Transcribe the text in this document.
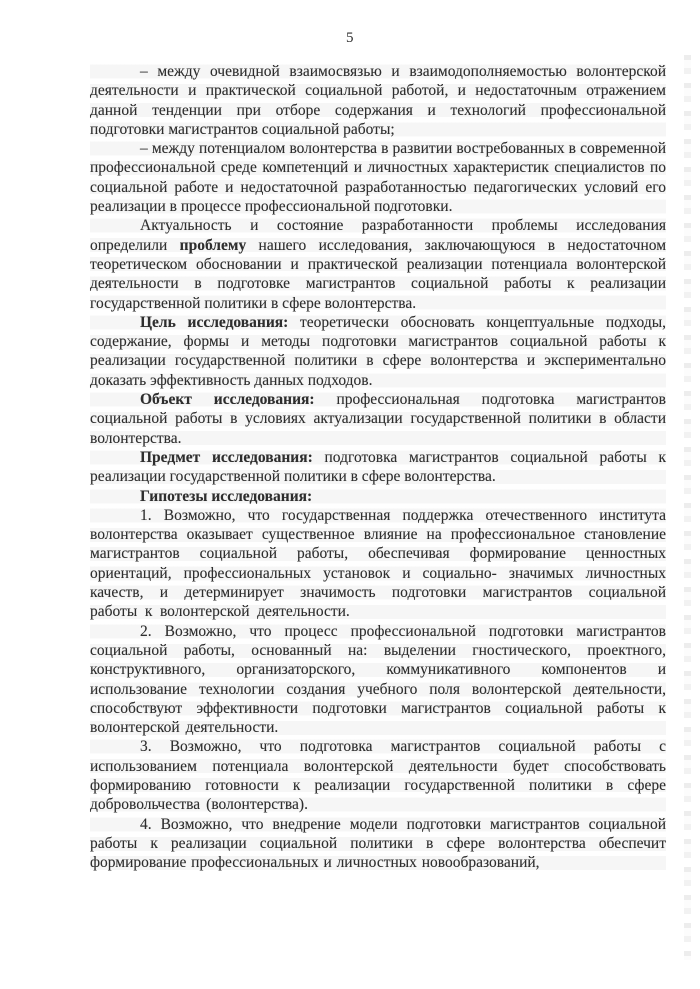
5

– между очевидной взаимосвязью и взаимодополняемостью волонтерской деятельности и практической социальной работой, и недостаточным отражением данной тенденции при отборе содержания и технологий профессиональной подготовки магистрантов социальной работы;

– между потенциалом волонтерства в развитии востребованных в современной профессиональной среде компетенций и личностных характеристик специалистов по социальной работе и недостаточной разработанностью педагогических условий его реализации в процессе профессиональной подготовки.

Актуальность и состояние разработанности проблемы исследования определили проблему нашего исследования, заключающуюся в недостаточном теоретическом обосновании и практической реализации потенциала волонтерской деятельности в подготовке магистрантов социальной работы к реализации государственной политики в сфере волонтерства.

Цель исследования: теоретически обосновать концептуальные подходы, содержание, формы и методы подготовки магистрантов социальной работы к реализации государственной политики в сфере волонтерства и экспериментально доказать эффективность данных подходов.

Объект исследования: профессиональная подготовка магистрантов социальной работы в условиях актуализации государственной политики в области волонтерства.

Предмет исследования: подготовка магистрантов социальной работы к реализации государственной политики в сфере волонтерства.

Гипотезы исследования:

1. Возможно, что государственная поддержка отечественного института волонтерства оказывает существенное влияние на профессиональное становление магистрантов социальной работы, обеспечивая формирование ценностных ориентаций, профессиональных установок и социально- значимых личностных качеств, и детерминирует значимость подготовки магистрантов социальной работы к волонтерской деятельности.

2. Возможно, что процесс профессиональной подготовки магистрантов социальной работы, основанный на: выделении гностического, проектного, конструктивного, организаторского, коммуникативного компонентов и использование технологии создания учебного поля волонтерской деятельности, способствуют эффективности подготовки магистрантов социальной работы к волонтерской деятельности.

3. Возможно, что подготовка магистрантов социальной работы с использованием потенциала волонтерской деятельности будет способствовать формированию готовности к реализации государственной политики в сфере добровольчества (волонтерства).

4. Возможно, что внедрение модели подготовки магистрантов социальной работы к реализации социальной политики в сфере волонтерства обеспечит формирование профессиональных и личностных новообразований,
